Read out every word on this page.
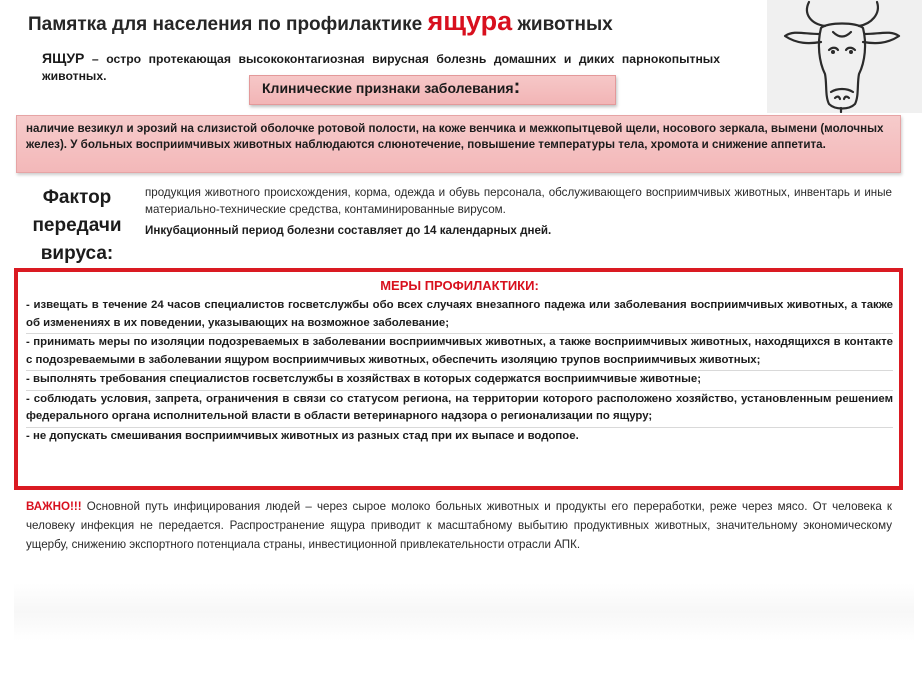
Памятка для населения по профилактике ящура животных
ЯЩУР – остро протекающая высококонтагиозная вирусная болезнь домашних и диких парнокопытных животных.
Клинические признаки заболевания:
наличие везикул и эрозий на слизистой оболочке ротовой полости, на коже венчика и межкопытцевой щели, носового зеркала, вымени (молочных желез). У больных восприимчивых животных наблюдаются слюнотечение, повышение температуры тела, хромота и снижение аппетита.
Фактор
передачи
вируса:
продукция животного происхождения, корма, одежда и обувь персонала, обслуживающего восприимчивых животных, инвентарь и иные материально-технические средства, контаминированные вирусом.
Инкубационный период болезни составляет до 14 календарных дней.
МЕРЫ ПРОФИЛАКТИКИ:
- извещать в течение 24 часов специалистов госветслужбы обо всех случаях внезапного падежа или заболевания восприимчивых животных, а также об изменениях в их поведении, указывающих на возможное заболевание;
- принимать меры по изоляции подозреваемых в заболевании восприимчивых животных, а также восприимчивых животных, находящихся в контакте с подозреваемыми в заболевании ящуром восприимчивых животных, обеспечить изоляцию трупов восприимчивых животных;
- выполнять требования специалистов госветслужбы в хозяйствах в которых содержатся восприимчивые животные;
- соблюдать условия, запрета, ограничения в связи со статусом региона, на территории которого расположено хозяйство, установленным решением федерального органа исполнительной власти в области ветеринарного надзора о регионализации по ящуру;
- не допускать смешивания восприимчивых животных из разных стад при их выпасе и водопое.
ВАЖНО!!! Основной путь инфицирования людей – через сырое молоко больных животных и продукты его переработки, реже через мясо. От человека к человеку инфекция не передается. Распространение ящура приводит к масштабному выбытию продуктивных животных, значительному экономическому ущербу, снижению экспортного потенциала страны, инвестиционной привлекательности отрасли АПК.
